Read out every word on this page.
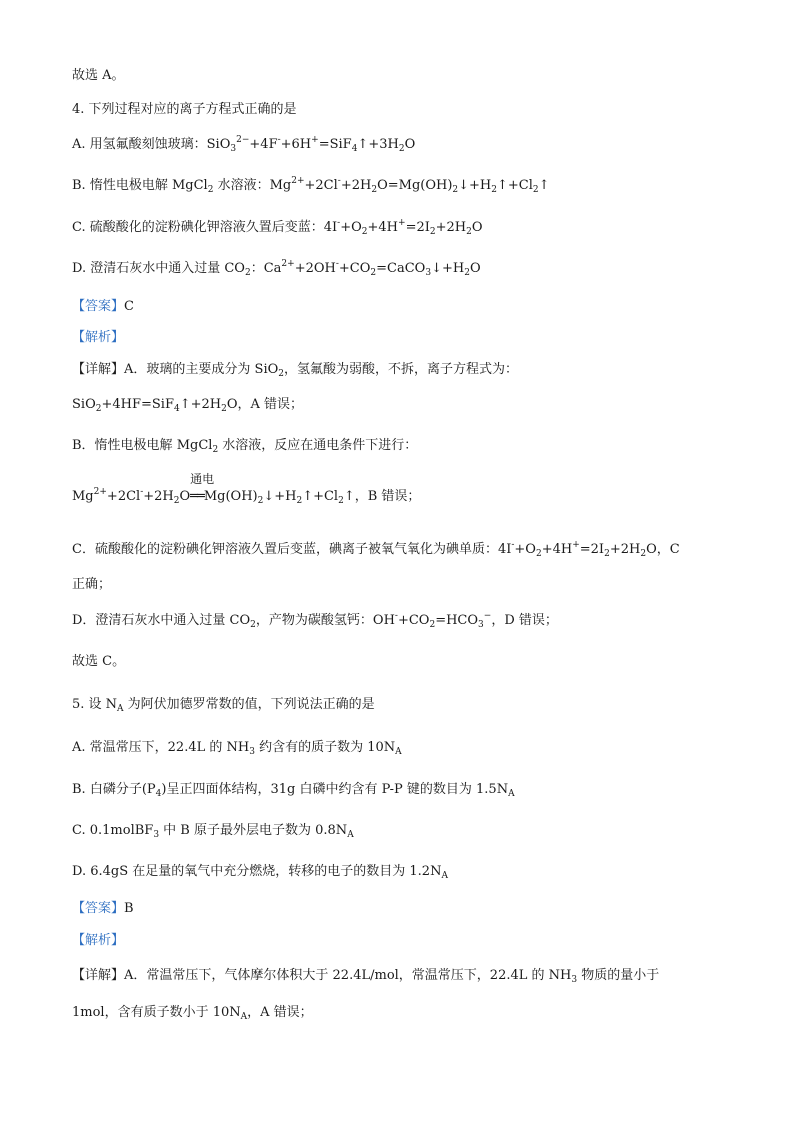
故选 A。
4. 下列过程对应的离子方程式正确的是
A. 用氢氟酸刻蚀玻璃：$SiO_3^{2-}+4F^-+6H^+=SiF_4↑+3H_2O$
B. 惰性电极电解 MgCl$_2$ 水溶液：$Mg^{2+}+2Cl^-+2H_2O=Mg(OH)_2↓+H_2↑+Cl_2↑$
C. 硫酸酸化的淀粉碘化钾溶液久置后变蓝：$4I^-+O_2+4H^+=2I_2+2H_2O$
D. 澄清石灰水中通入过量 $CO_2$：$Ca^{2+}+2OH^-+CO_2=CaCO_3↓+H_2O$
【答案】C
【解析】
【详解】A．玻璃的主要成分为 SiO$_2$，氢氟酸为弱酸，不拆，离子方程式为：
$SiO_2+4HF=SiF_4↑+2H_2O$，A 错误；
B．惰性电极电解 MgCl$_2$ 水溶液，反应在通电条件下进行：
$Mg^{2+}+2Cl^-+2H_2O$
通电
$══Mg(OH)_2↓+H_2↑+Cl_2↑$，B 错误；
C．硫酸酸化的淀粉碘化钾溶液久置后变蓝，碘离子被氧气氧化为碘单质：$4I^-+O_2+4H^+=2I_2+2H_2O$，C
正确；
D．澄清石灰水中通入过量 $CO_2$，产物为碳酸氢钙：$OH^-+CO_2=HCO_3^-$，D 错误；
故选 C。
5. 设 $N_A$ 为阿伏加德罗常数的值，下列说法正确的是
A. 常温常压下，22.4L 的 $NH_3$ 约含有的质子数为 $10N_A$
B. 白磷分子$(P_4)$呈正四面体结构，31g 白磷中约含有 P-P 键的数目为 $1.5N_A$
C. 0.1molBF$_3$ 中 B 原子最外层电子数为 $0.8N_A$
D. 6.4gS 在足量的氧气中充分燃烧，转移的电子的数目为 $1.2N_A$
【答案】B
【解析】
【详解】A．常温常压下，气体摩尔体积大于 22.4L/mol，常温常压下，22.4L 的 $NH_3$ 物质的量小于
1mol，含有质子数小于 $10N_A$，A 错误；
